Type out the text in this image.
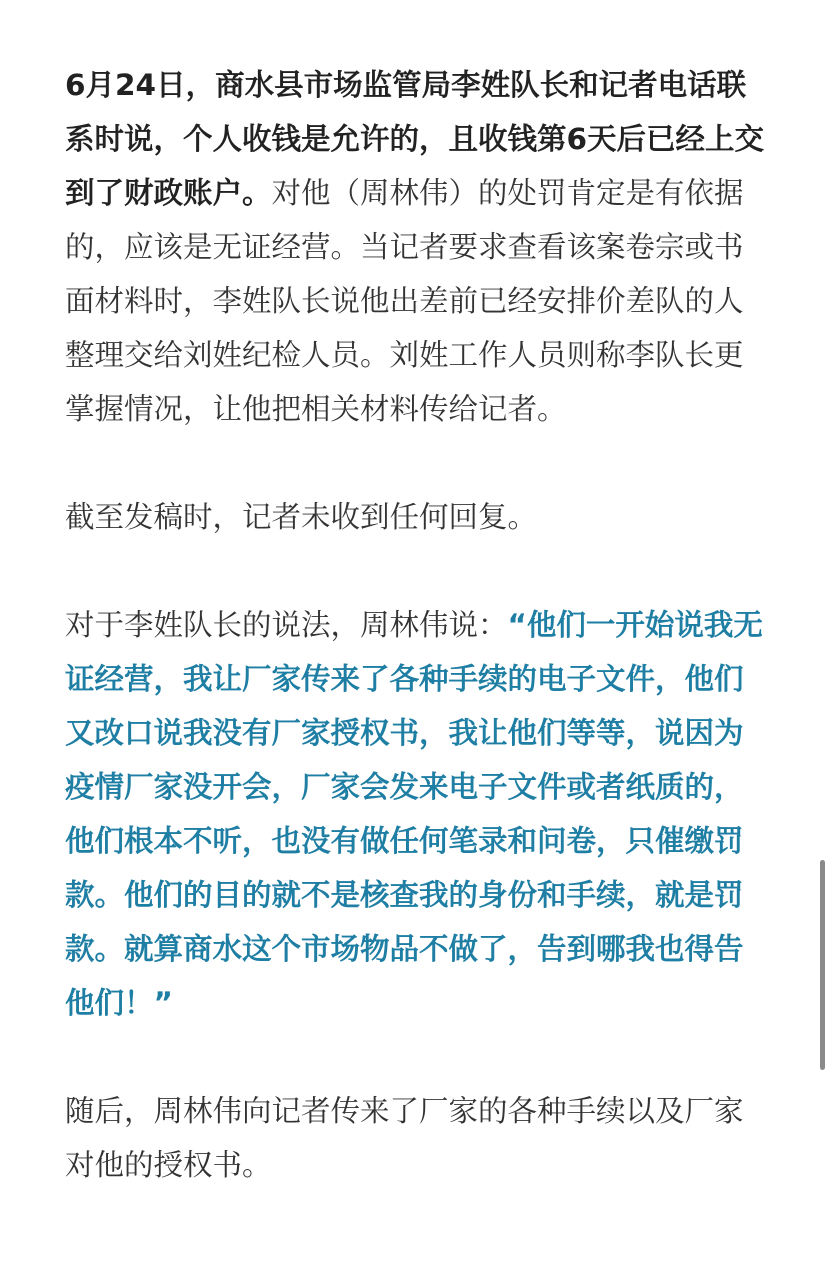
6月24日，商水县市场监管局李姓队长和记者电话联系时说，个人收钱是允许的，且收钱第6天后已经上交到了财政账户。对他（周林伟）的处罚肯定是有依据的，应该是无证经营。当记者要求查看该案卷宗或书面材料时，李姓队长说他出差前已经安排价差队的人整理交给刘姓纪检人员。刘姓工作人员则称李队长更掌握情况，让他把相关材料传给记者。

截至发稿时，记者未收到任何回复。

对于李姓队长的说法，周林伟说：“他们一开始说我无证经营，我让厂家传来了各种手续的电子文件，他们又改口说我没有厂家授权书，我让他们等等，说因为疫情厂家没开会，厂家会发来电子文件或者纸质的，他们根本不听，也没有做任何笔录和问卷，只催缴罚款。他们的目的就不是核查我的身份和手续，就是罚款。就算商水这个市场物品不做了，告到哪我也得告他们！”

随后，周林伟向记者传来了厂家的各种手续以及厂家对他的授权书。
